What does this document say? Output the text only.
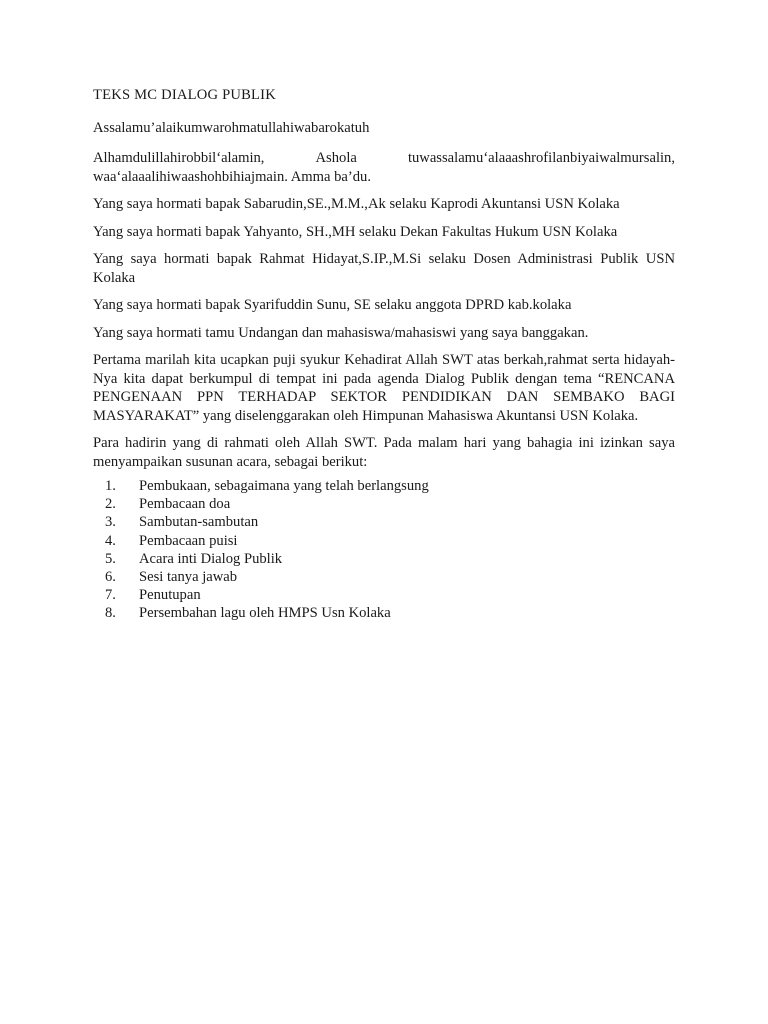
TEKS MC DIALOG PUBLIK

Assalamu’alaikumwarohmatullahiwabarokatuh

Alhamdulillahirobbil‘alamin,	Ashola	tuwassalamu‘alaaashrofilanbiyaiwalmursalin,
waa‘alaaalihiwaashohbihiajmain. Amma ba’du.

Yang saya hormati bapak Sabarudin,SE.,M.M.,Ak selaku Kaprodi Akuntansi USN Kolaka

Yang saya hormati bapak Yahyanto, SH.,MH selaku Dekan Fakultas Hukum USN Kolaka

Yang saya hormati bapak Rahmat Hidayat,S.IP.,M.Si selaku Dosen Administrasi Publik USN Kolaka

Yang saya hormati bapak Syarifuddin Sunu, SE selaku anggota DPRD kab.kolaka

Yang saya hormati tamu Undangan dan mahasiswa/mahasiswi yang saya banggakan.

Pertama marilah kita ucapkan puji syukur Kehadirat Allah SWT atas berkah,rahmat serta hidayah-Nya kita dapat berkumpul di tempat ini pada agenda Dialog Publik dengan tema “RENCANA PENGENAAN PPN TERHADAP SEKTOR PENDIDIKAN DAN SEMBAKO BAGI MASYARAKAT” yang diselenggarakan oleh Himpunan Mahasiswa Akuntansi USN Kolaka.

Para hadirin yang di rahmati oleh Allah SWT. Pada malam hari yang bahagia ini izinkan saya menyampaikan susunan acara, sebagai berikut:

1.	Pembukaan, sebagaimana yang telah berlangsung
2.	Pembacaan doa
3.	Sambutan-sambutan
4.	Pembacaan puisi
5.	Acara inti Dialog Publik
6.	Sesi tanya jawab
7.	Penutupan
8.	Persembahan lagu oleh HMPS Usn Kolaka
